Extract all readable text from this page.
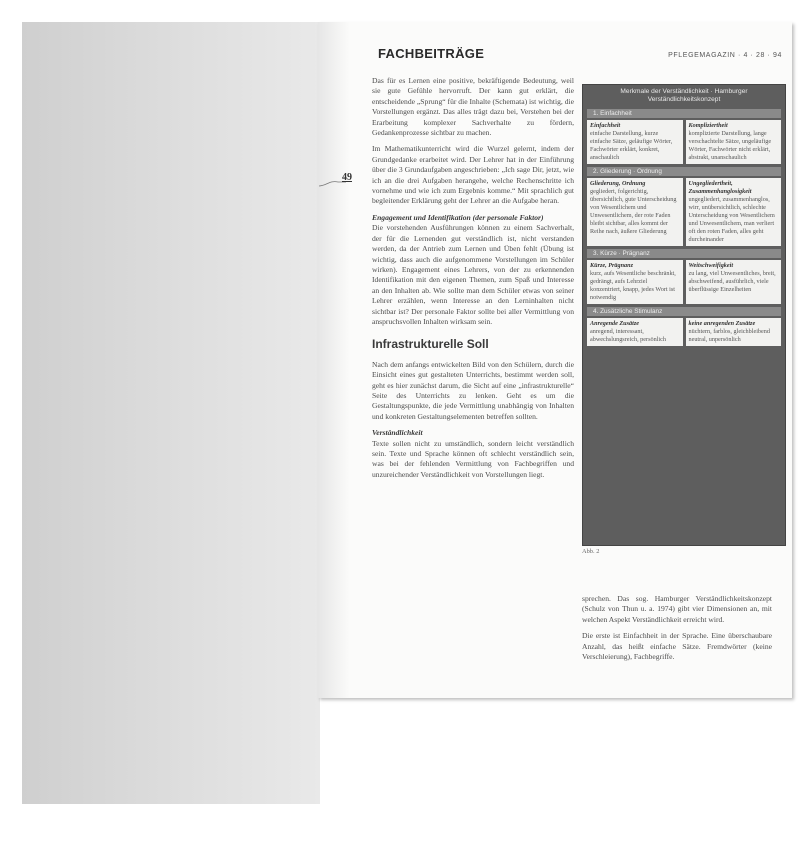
FACHBEITRÄGE	PFLEGEMAGAZIN · 4 · 28 · 94
49

Das für es Lernen eine positive, bekräftigende Bedeutung, weil sie gute Gefühle hervorruft. Der kann gut erklärt, die entscheidende „Sprung“ für die Inhalte (Schemata) ist wichtig, die Vorstellungen ergänzt. Das alles trägt dazu bei, Verstehen bei der Erarbeitung komplexer Sachverhalte zu fördern, Gedankenprozesse sichtbar zu machen.

Im Mathematikunterricht wird die Wurzel gelernt, indem der Grundgedanke erarbeitet wird. Der Lehrer hat in der Einführung über die 3 Grundaufgaben angeschrieben: „Ich sage Dir, jetzt, wie ich an die drei Aufgaben herangehe, welche Rechenschritte ich vornehme und wie ich zum Ergebnis komme.“ Mit sprachlich gut begleitender Erklärung geht der Lehrer an die Aufgabe heran.

Engagement und Identifikation (der personale Faktor)

Die vorstehenden Ausführungen können zu einem Sachverhalt, der für die Lernenden gut verständlich ist, nicht verstanden werden, da der Antrieb zum Lernen und Üben fehlt (Übung ist wichtig, dass auch die aufgenommene Vorstellungen im Schüler wirken). Engagement eines Lehrers, von der zu erkennenden Identifikation mit den eigenen Themen, zum Spaß und Interesse an den Inhalten ab. Wie sollte man dem Schüler etwas von seiner Lehrer erzählen, wenn Interesse an den Lerninhalten nicht sichtbar ist? Der personale Faktor sollte bei aller Vermittlung von anspruchsvollen Inhalten wirksam sein.

Infrastrukturelle Soll

Nach dem anfangs entwickelten Bild von den Schülern, durch die Einsicht eines gut gestalteten Unterrichts, bestimmt werden soll, geht es hier zunächst darum, die Sicht auf eine „infrastrukturelle“ Seite des Unterrichts zu lenken. Geht es um die Gestaltungspunkte, die jede Vermittlung unabhängig von Inhalten und konkreten Gestaltungselementen betreffen sollten.

Verständlichkeit

Texte sollen nicht zu umständlich, sondern leicht verständlich sein. Texte und Sprache können oft schlecht verständlich sein, was bei der fehlenden Vermittlung von Fachbegriffen und unzureichender Verständlichkeit von Vorstellungen liegt.

Merkmale der Verständlichkeit · Hamburger Verständlichkeitskonzept
1. Einfachheit
Einfachheit
einfache Darstellung, kurze einfache Sätze, geläufige Wörter, Fachwörter erklärt, konkret, anschaulich
Kompliziertheit
komplizierte Darstellung, lange verschachtelte Sätze, ungeläufige Wörter, Fachwörter nicht erklärt, abstrakt, unanschaulich
2. Gliederung · Ordnung
Gliederung, Ordnung
gegliedert, folgerichtig, übersichtlich, gute Unterscheidung von Wesentlichem und Unwesentlichem, der rote Faden bleibt sichtbar, alles kommt der Reihe nach, äußere Gliederung
Ungegliedertheit, Zusammenhanglosigkeit
ungegliedert, zusammenhanglos, wirr, unübersichtlich, schlechte Unterscheidung von Wesentlichem und Unwesentlichem, man verliert oft den roten Faden, alles geht durcheinander
3. Kürze · Prägnanz
Kürze, Prägnanz
kurz, aufs Wesentliche beschränkt, gedrängt, aufs Lehrziel konzentriert, knapp, jedes Wort ist notwendig
Weitschweifigkeit
zu lang, viel Unwesentliches, breit, abschweifend, ausführlich, viele überflüssige Einzelheiten
4. Zusätzliche Stimulanz
Anregende Zusätze
anregend, interessant, abwechslungsreich, persönlich
keine anregenden Zusätze
nüchtern, farblos, gleichbleibend neutral, unpersönlich
Abb. 2

sprechen. Das sog. Hamburger Verständlichkeitskonzept (Schulz von Thun u. a. 1974) gibt vier Dimensionen an, mit welchen Aspekt Verständlichkeit erreicht wird.

Die erste ist Einfachheit in der Sprache. Eine überschaubare Anzahl, das heißt einfache Sätze. Fremdwörter (keine Verschleierung), Fachbegriffe.
